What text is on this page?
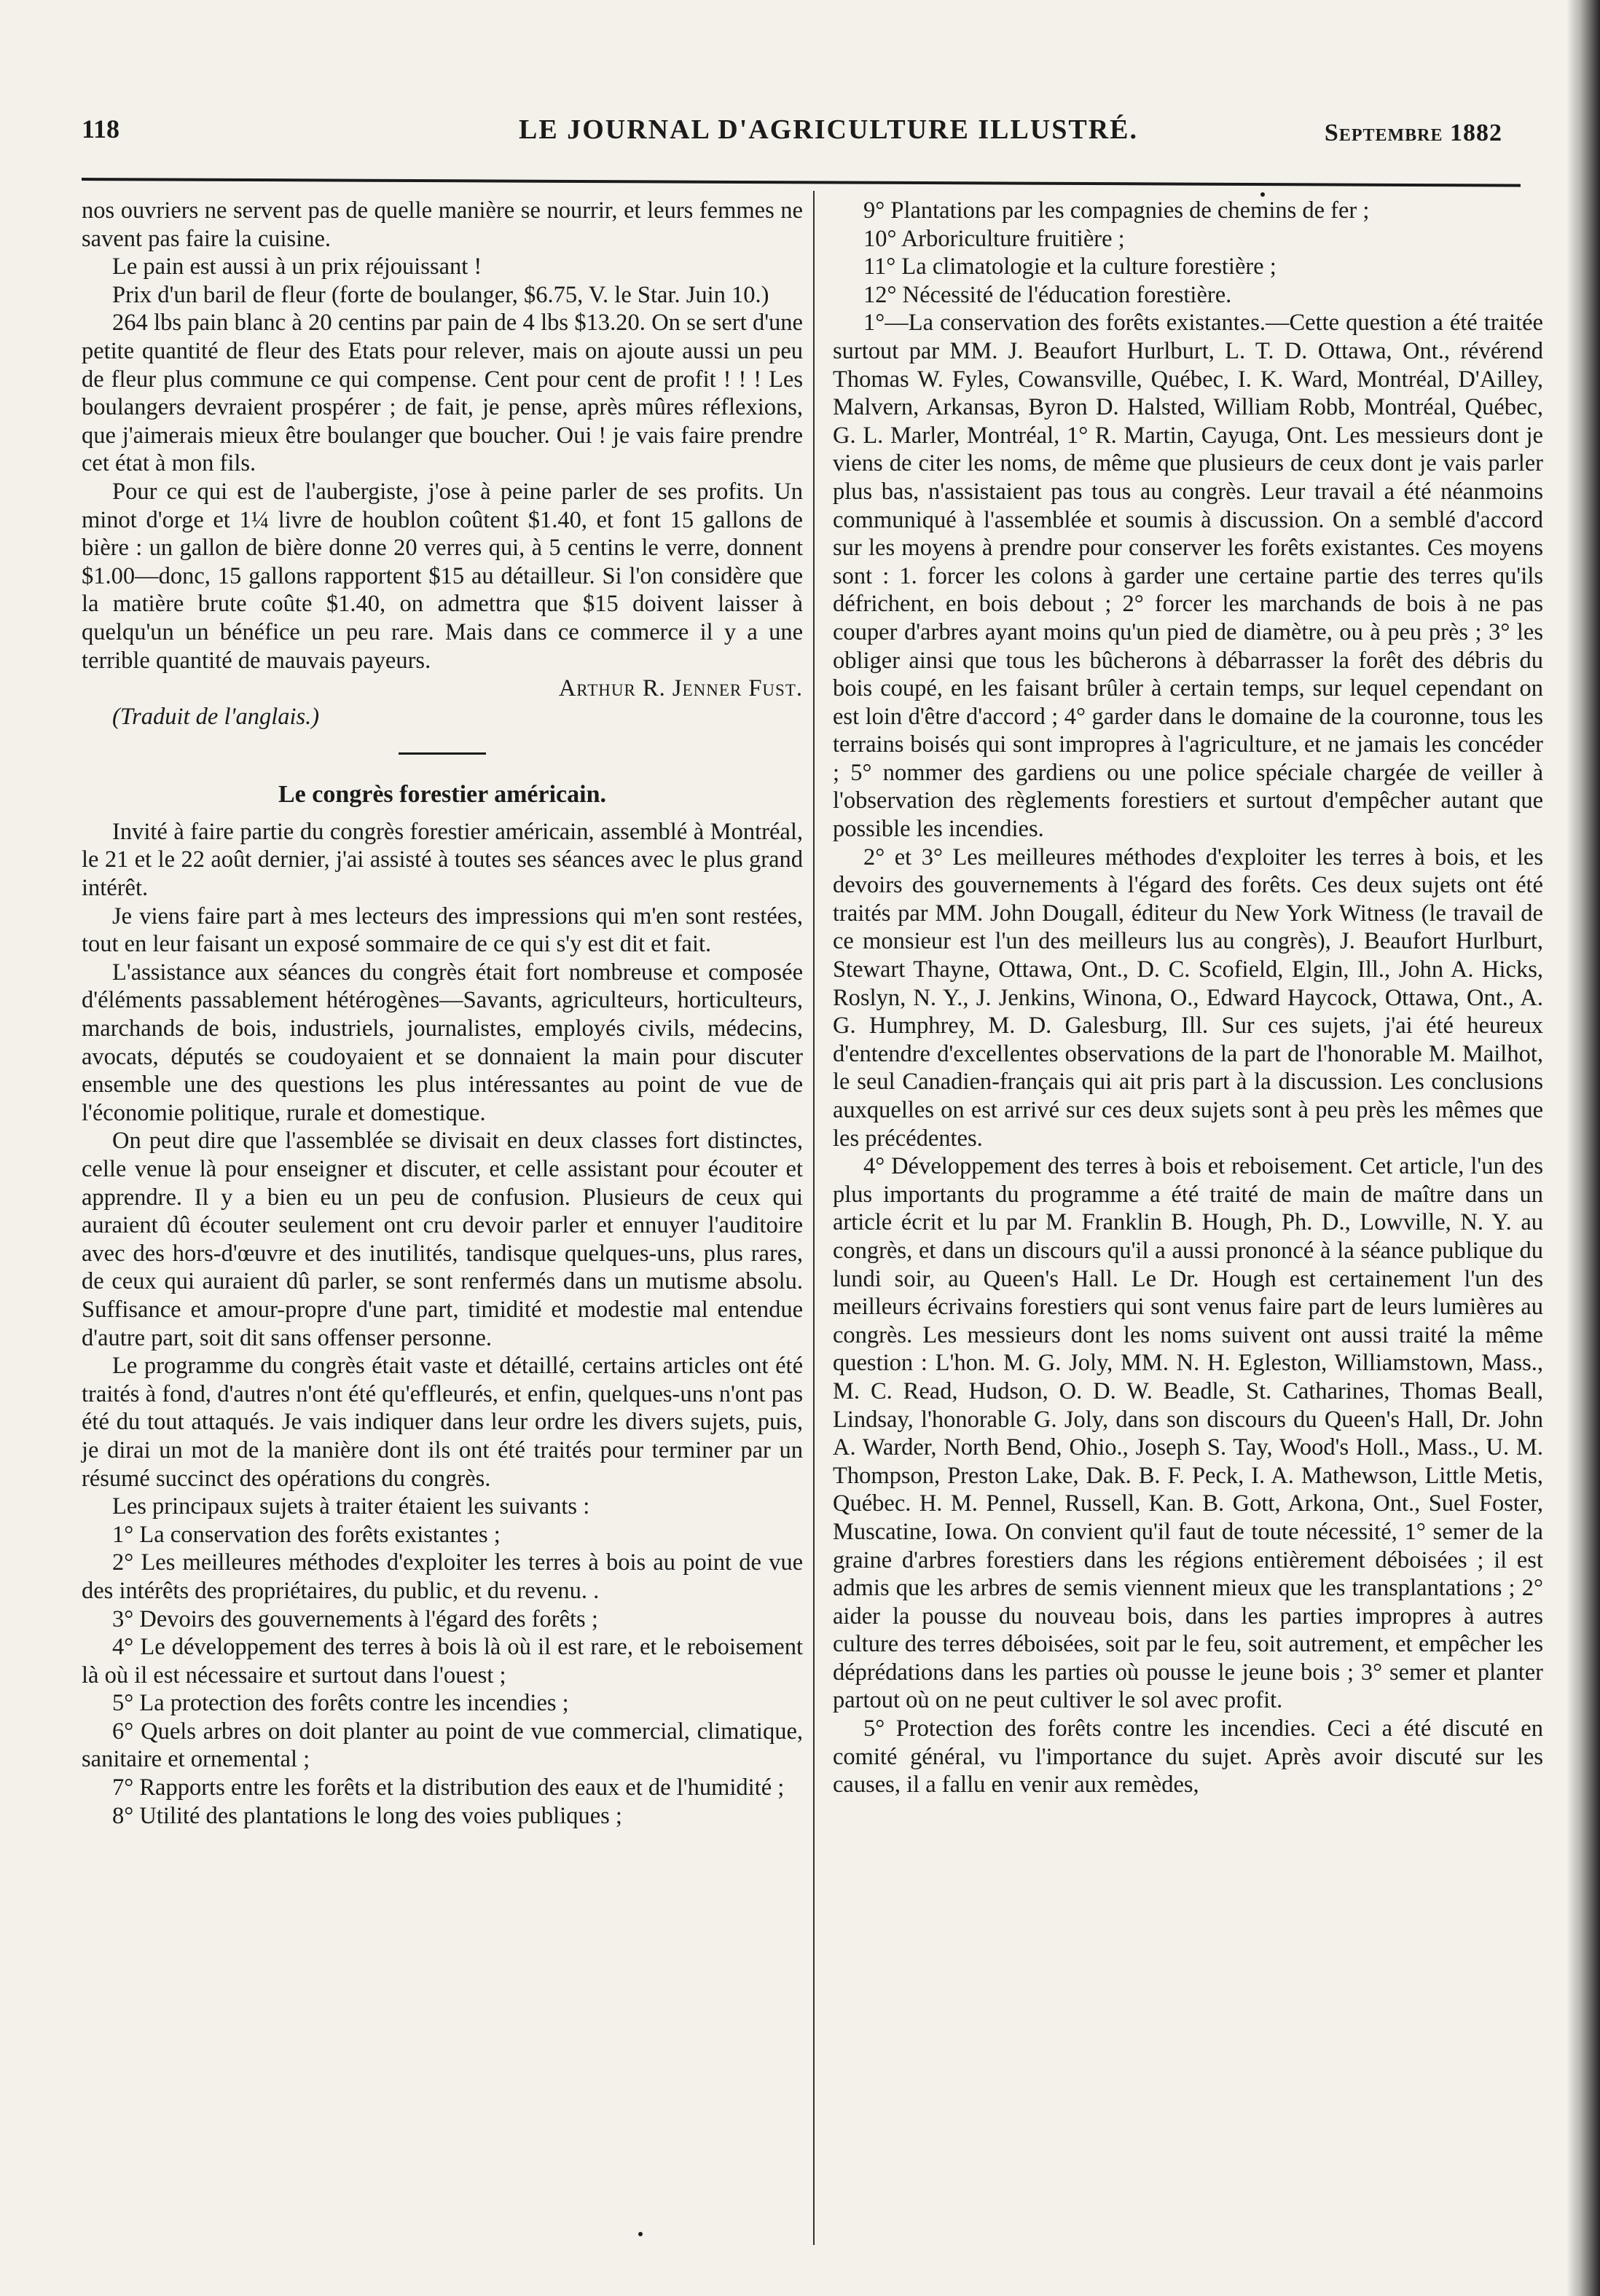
118	LE JOURNAL D'AGRICULTURE ILLUSTRÉ.	Septembre 1882

nos ouvriers ne servent pas de quelle manière se nourrir, et leurs femmes ne savent pas faire la cuisine.

Le pain est aussi à un prix réjouissant !

Prix d'un baril de fleur (forte de boulanger, $6.75, V. le Star. Juin 10.)

264 lbs pain blanc à 20 centins par pain de 4 lbs $13.20. On se sert d'une petite quantité de fleur des Etats pour relever, mais on ajoute aussi un peu de fleur plus commune ce qui compense. Cent pour cent de profit ! ! ! Les boulangers devraient prospérer ; de fait, je pense, après mûres réflexions, que j'aimerais mieux être boulanger que boucher. Oui ! je vais faire prendre cet état à mon fils.

Pour ce qui est de l'aubergiste, j'ose à peine parler de ses profits. Un minot d'orge et 1¼ livre de houblon coûtent $1.40, et font 15 gallons de bière : un gallon de bière donne 20 verres qui, à 5 centins le verre, donnent $1.00—donc, 15 gallons rapportent $15 au détailleur. Si l'on considère que la matière brute coûte $1.40, on admettra que $15 doivent laisser à quelqu'un un bénéfice un peu rare. Mais dans ce commerce il y a une terrible quantité de mauvais payeurs.

Arthur R. Jenner Fust.

(Traduit de l'anglais.)

Le congrès forestier américain.

Invité à faire partie du congrès forestier américain, assemblé à Montréal, le 21 et le 22 août dernier, j'ai assisté à toutes ses séances avec le plus grand intérêt.

Je viens faire part à mes lecteurs des impressions qui m'en sont restées, tout en leur faisant un exposé sommaire de ce qui s'y est dit et fait.

L'assistance aux séances du congrès était fort nombreuse et composée d'éléments passablement hétérogènes—Savants, agriculteurs, horticulteurs, marchands de bois, industriels, journalistes, employés civils, médecins, avocats, députés se coudoyaient et se donnaient la main pour discuter ensemble une des questions les plus intéressantes au point de vue de l'économie politique, rurale et domestique.

On peut dire que l'assemblée se divisait en deux classes fort distinctes, celle venue là pour enseigner et discuter, et celle assistant pour écouter et apprendre. Il y a bien eu un peu de confusion. Plusieurs de ceux qui auraient dû écouter seulement ont cru devoir parler et ennuyer l'auditoire avec des hors-d'œuvre et des inutilités, tandisque quelques-uns, plus rares, de ceux qui auraient dû parler, se sont renfermés dans un mutisme absolu. Suffisance et amour-propre d'une part, timidité et modestie mal entendue d'autre part, soit dit sans offenser personne.

Le programme du congrès était vaste et détaillé, certains articles ont été traités à fond, d'autres n'ont été qu'effleurés, et enfin, quelques-uns n'ont pas été du tout attaqués. Je vais indiquer dans leur ordre les divers sujets, puis, je dirai un mot de la manière dont ils ont été traités pour terminer par un résumé succinct des opérations du congrès.

Les principaux sujets à traiter étaient les suivants :

1° La conservation des forêts existantes ;

2° Les meilleures méthodes d'exploiter les terres à bois au point de vue des intérêts des propriétaires, du public, et du revenu. .

3° Devoirs des gouvernements à l'égard des forêts ;

4° Le développement des terres à bois là où il est rare, et le reboisement là où il est nécessaire et surtout dans l'ouest ;

5° La protection des forêts contre les incendies ;

6° Quels arbres on doit planter au point de vue commercial, climatique, sanitaire et ornemental ;

7° Rapports entre les forêts et la distribution des eaux et de l'humidité ;

8° Utilité des plantations le long des voies publiques ;

9° Plantations par les compagnies de chemins de fer ;

10° Arboriculture fruitière ;

11° La climatologie et la culture forestière ;

12° Nécessité de l'éducation forestière.

1°—La conservation des forêts existantes.—Cette question a été traitée surtout par MM. J. Beaufort Hurlburt, L. T. D. Ottawa, Ont., révérend Thomas W. Fyles, Cowansville, Québec, I. K. Ward, Montréal, D'Ailley, Malvern, Arkansas, Byron D. Halsted, William Robb, Montréal, Québec, G. L. Marler, Montréal, 1° R. Martin, Cayuga, Ont. Les messieurs dont je viens de citer les noms, de même que plusieurs de ceux dont je vais parler plus bas, n'assistaient pas tous au congrès. Leur travail a été néanmoins communiqué à l'assemblée et soumis à discussion. On a semblé d'accord sur les moyens à prendre pour conserver les forêts existantes. Ces moyens sont : 1. forcer les colons à garder une certaine partie des terres qu'ils défrichent, en bois debout ; 2° forcer les marchands de bois à ne pas couper d'arbres ayant moins qu'un pied de diamètre, ou à peu près ; 3° les obliger ainsi que tous les bûcherons à débarrasser la forêt des débris du bois coupé, en les faisant brûler à certain temps, sur lequel cependant on est loin d'être d'accord ; 4° garder dans le domaine de la couronne, tous les terrains boisés qui sont impropres à l'agriculture, et ne jamais les concéder ; 5° nommer des gardiens ou une police spéciale chargée de veiller à l'observation des règlements forestiers et surtout d'empêcher autant que possible les incendies.

2° et 3° Les meilleures méthodes d'exploiter les terres à bois, et les devoirs des gouvernements à l'égard des forêts. Ces deux sujets ont été traités par MM. John Dougall, éditeur du New York Witness (le travail de ce monsieur est l'un des meilleurs lus au congrès), J. Beaufort Hurlburt, Stewart Thayne, Ottawa, Ont., D. C. Scofield, Elgin, Ill., John A. Hicks, Roslyn, N. Y., J. Jenkins, Winona, O., Edward Haycock, Ottawa, Ont., A. G. Humphrey, M. D. Galesburg, Ill. Sur ces sujets, j'ai été heureux d'entendre d'excellentes observations de la part de l'honorable M. Mailhot, le seul Canadien-français qui ait pris part à la discussion. Les conclusions auxquelles on est arrivé sur ces deux sujets sont à peu près les mêmes que les précédentes.

4° Développement des terres à bois et reboisement. Cet article, l'un des plus importants du programme a été traité de main de maître dans un article écrit et lu par M. Franklin B. Hough, Ph. D., Lowville, N. Y. au congrès, et dans un discours qu'il a aussi prononcé à la séance publique du lundi soir, au Queen's Hall. Le Dr. Hough est certainement l'un des meilleurs écrivains forestiers qui sont venus faire part de leurs lumières au congrès. Les messieurs dont les noms suivent ont aussi traité la même question : L'hon. M. G. Joly, MM. N. H. Egleston, Williamstown, Mass., M. C. Read, Hudson, O. D. W. Beadle, St. Catharines, Thomas Beall, Lindsay, l'honorable G. Joly, dans son discours du Queen's Hall, Dr. John A. Warder, North Bend, Ohio., Joseph S. Tay, Wood's Holl., Mass., U. M. Thompson, Preston Lake, Dak. B. F. Peck, I. A. Mathewson, Little Metis, Québec. H. M. Pennel, Russell, Kan. B. Gott, Arkona, Ont., Suel Foster, Muscatine, Iowa. On convient qu'il faut de toute nécessité, 1° semer de la graine d'arbres forestiers dans les régions entièrement déboisées ; il est admis que les arbres de semis viennent mieux que les transplantations ; 2° aider la pousse du nouveau bois, dans les parties impropres à autres culture des terres déboisées, soit par le feu, soit autrement, et empêcher les déprédations dans les parties où pousse le jeune bois ; 3° semer et planter partout où on ne peut cultiver le sol avec profit.

5° Protection des forêts contre les incendies. Ceci a été discuté en comité général, vu l'importance du sujet. Après avoir discuté sur les causes, il a fallu en venir aux remèdes,
